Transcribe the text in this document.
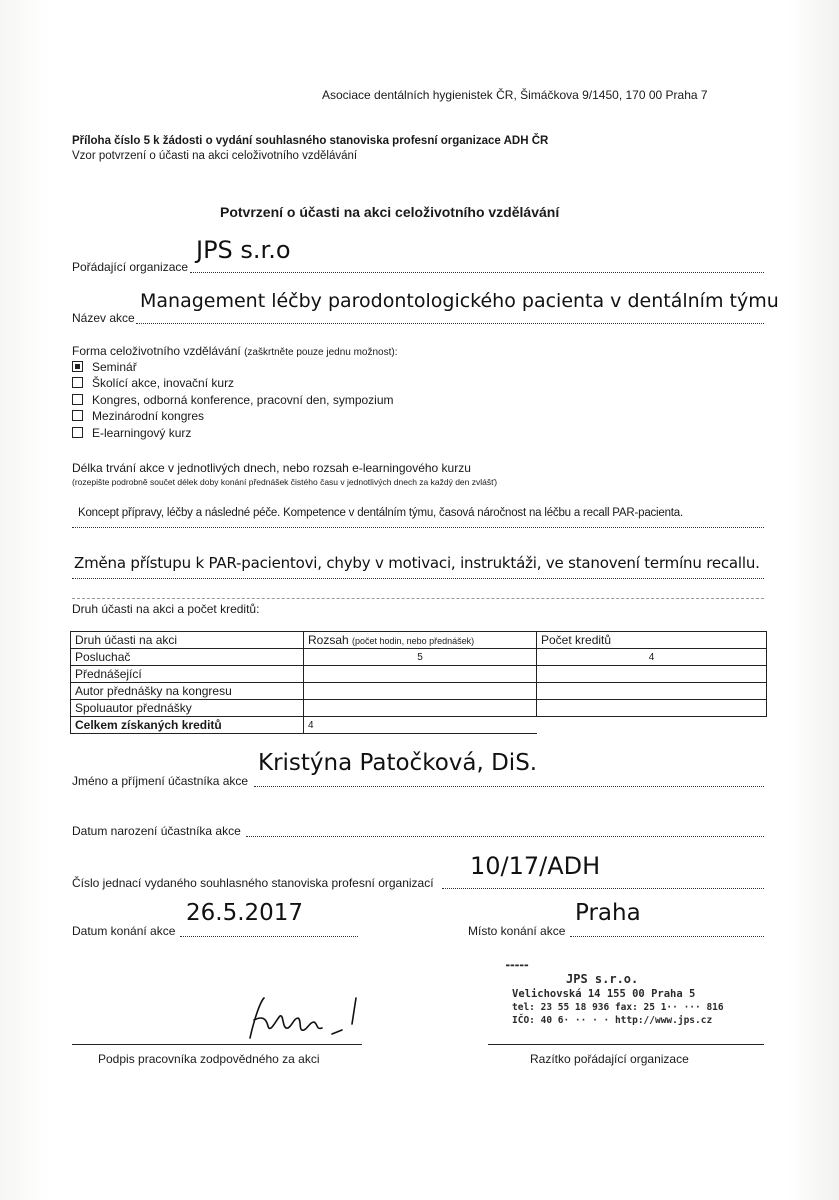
Asociace dentálních hygienistek ČR, Šimáčkova 9/1450, 170 00 Praha 7
Příloha číslo 5 k žádosti o vydání souhlasného stanoviska profesní organizace ADH ČR
Vzor potvrzení o účasti na akci celoživotního vzdělávání
Potvrzení o účasti na akci celoživotního vzdělávání
Pořádající organizace
JPS s.r.o
Název akce
Management léčby parodontologického pacienta v dentálním týmu
Forma celoživotního vzdělávání (zaškrtněte pouze jednu možnost):
Seminář
Školící akce, inovační kurz
Kongres, odborná konference, pracovní den, sympozium
Mezinárodní kongres
E-learningový kurz
Délka trvání akce v jednotlivých dnech, nebo rozsah e-learningového kurzu
(rozepište podrobně součet délek doby konání přednášek čistého času v jednotlivých dnech za každý den zvlášť)
Koncept přípravy, léčby a následné péče. Kompetence v dentálním týmu, časová náročnost na léčbu a recall PAR-pacienta.
Změna přístupu k PAR-pacientovi, chyby v motivaci, instruktáži, ve stanovení termínu recallu.
Druh účasti na akci a počet kreditů:
Druh účasti na akci	Rozsah (počet hodin, nebo přednášek)	Počet kreditů
Posluchač	5	4
Přednášející		
Autor přednášky na kongresu		
Spoluautor přednášky		
Celkem získaných kreditů	4	
Jméno a příjmení účastníka akce
Kristýna Patočková, DiS.
Datum narození účastníka akce
Číslo jednací vydaného souhlasného stanoviska profesní organizací
10/17/ADH
Datum konání akce
26.5.2017
Místo konání akce
Praha
Podpis pracovníka zodpovědného za akci
▬▬▬▬▬
JPS s.r.o.
Velichovská 14 155 00 Praha 5
tel: 23 55 18 936 fax: 25 1·· ··· 816
IČO: 40 6· ·· · · http://www.jps.cz
Razítko pořádající organizace
